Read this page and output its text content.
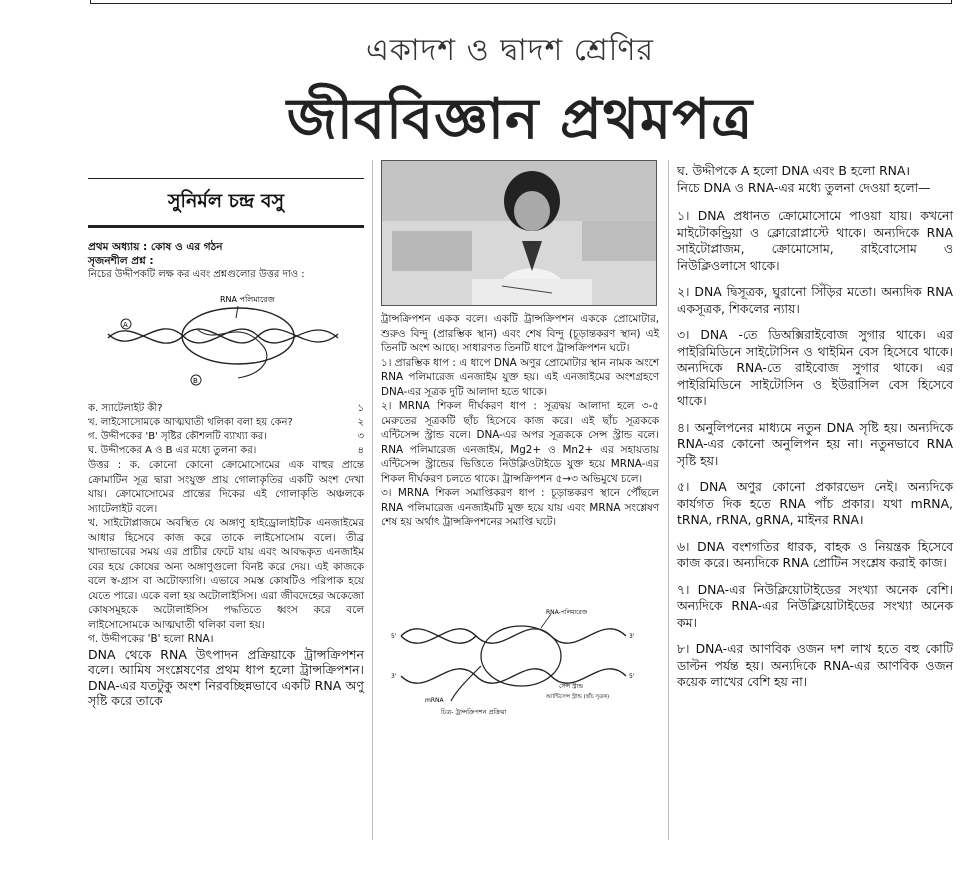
একাদশ ও দ্বাদশ শ্রেণির
জীববিজ্ঞান প্রথমপত্র
সুনির্মল চন্দ্র বসু
প্রথম অধ্যায় : কোষ ও এর গঠন
সৃজনশীল প্রশ্ন :
নিচের উদ্দীপকটি লক্ষ কর এবং প্রশ্নগুলোর উত্তর দাও :
RNA পলিমারেজ
A
B
ক. স্যাটেলাইট কী?	১
খ. লাইসোসোমকে আত্মঘাতী থলিকা বলা হয় কেন?	২
গ. উদ্দীপকের 'B' সৃষ্টির কৌশলটি ব্যাখ্যা কর।	৩
ঘ. উদ্দীপকের A ও B এর মধ্যে তুলনা কর।	৪
উত্তর : ক. কোনো কোনো ক্রোমোসোমের এক বাহুর প্রান্তে ক্রোমাটিন সূত্র দ্বারা সংযুক্ত প্রায় গোলাকৃতির একটি অংশ দেখা যায়। ক্রোমোসোমের প্রান্তের দিকের এই গোলাকৃতি অঞ্চলকে স্যাটেলাইট বলে।
খ. সাইটোপ্লাজমে অবস্থিত যে অঙ্গাণু হাইড্রোলাইটিক এনজাইমের আধার হিসেবে কাজ করে তাকে লাইসোসোম বলে। তীব্র খাদ্যাভাবের সময় এর প্রাচীর ফেটে যায় এবং আবদ্ধকৃত এনজাইম বের হয়ে কোষের অন্য অঙ্গাণুগুলো বিনষ্ট করে দেয়। এই কাজকে বলে স্ব-গ্রাস বা অটোফ্যাগি। এভাবে সমস্ত কোষটিও পরিপাক হয়ে যেতে পারে। একে বলা হয় অটোলাইসিস। এরা জীবদেহের অকেজো কোষসমূহকে অটোলাইসিস পদ্ধতিতে ধ্বংস করে বলে লাইসোসোমকে আত্মঘাতী থলিকা বলা হয়।
গ. উদ্দীপকের 'B' হলো RNA।
DNA থেকে RNA উৎপাদন প্রক্রিয়াকে ট্রান্সক্রিপশন বলে। আমিষ সংশ্লেষণের প্রথম ধাপ হলো ট্রান্সক্রিপশন। DNA-এর যতটুকু অংশ নিরবচ্ছিন্নভাবে একটি RNA অণু সৃষ্টি করে তাকে
ট্রান্সক্রিপশন একক বলে। একটি ট্রান্সক্রিপশন এককে প্রোমোটার, শুরুও বিন্দু (প্রারম্ভিক স্থান) এবং শেষ বিন্দু (চূড়ান্তকরণ স্থান) এই তিনটি অংশ আছে। সাধারণত তিনটি ধাপে ট্রান্সক্রিপশন ঘটে।
১। প্রারম্ভিক ধাপ : এ ধাপে DNA অণুর প্রোমোটার স্থান নামক অংশে RNA পলিমারেজ এনজাইম যুক্ত হয়। এই এনজাইমের অংশগ্রহণে DNA-এর সূত্রক দুটি আলাদা হতে থাকে।
২। MRNA শিকল দীর্ঘকরণ ধাপ : সূত্রদ্বয় আলাদা হলে ৩-৫ মেরুতের সূত্রকটি ছাঁচ হিসেবে কাজ করে। এই ছাঁচ সূত্রককে এন্টিসেন্স স্ট্রান্ড বলে। DNA-এর অপর সূত্রককে সেন্স স্ট্রান্ড বলে। RNA পলিমারেজ এনজাইম, Mg2+ ও Mn2+ এর সহায়তায় এন্টিসেন্স স্ট্রান্ডের ভিত্তিতে নিউক্লিওটাইডে যুক্ত হয়ে MRNA-এর শিকল দীর্ঘকরণ চলতে থাকে। ট্রান্সক্রিপশন ৫→৩ অভিমুখে চলে।
৩। MRNA শিকল সমাপ্তিকরণ ধাপ : চূড়ান্তকরণ স্থানে পৌঁছলে RNA পলিমারেজ এনজাইমটি মুক্ত হয়ে যায় এবং MRNA সংশ্লেষণ শেষ হয় অর্থাৎ ট্রান্সক্রিপশনের সমাপ্তি ঘটে।
RNA-পলিমারেজ
5'
3'
3'
5'
mRNA
সেন্স স্ট্রান্ড
অ্যান্টিসেন্স স্ট্রান্ড (ছাঁচ সূত্রক)
চিত্র- ট্রান্সক্রিপশন প্রক্রিয়া

ঘ. উদ্দীপকে A হলো DNA এবং B হলো RNA।

নিচে DNA ও RNA-এর মধ্যে তুলনা দেওয়া হলো—

১। DNA প্রধানত ক্রোমোসোমে পাওয়া যায়। কখনো মাইটোকন্ড্রিয়া ও ক্লোরোপ্লাস্টে থাকে। অন্যদিকে RNA সাইটোপ্লাজম, ক্রোমোসোম, রাইবোসোম ও নিউক্লিওলাসে থাকে।

২। DNA দ্বিসূত্রক, ঘুরানো সিঁড়ির মতো। অন্যদিক RNA একসূত্রক, শিকলের ন্যায়।

৩। DNA -তে ডিঅক্সিরাইবোজ সুগার থাকে। এর পাইরিমিডিনে সাইটোসিন ও থাইমিন বেস হিসেবে থাকে। অন্যদিকে RNA-তে রাইবোজ সুগার থাকে। এর পাইরিমিডিনে সাইটোসিন ও ইউরাসিল বেস হিসেবে থাকে।

৪। অনুলিপনের মাধ্যমে নতুন DNA সৃষ্টি হয়। অন্যদিকে RNA-এর কোনো অনুলিপন হয় না। নতুনভাবে RNA সৃষ্টি হয়।

৫। DNA অণুর কোনো প্রকারভেদ নেই। অন্যদিকে কার্যগত দিক হতে RNA পাঁচ প্রকার। যথা mRNA, tRNA, rRNA, gRNA, মাইনর RNA।

৬। DNA বংশগতির ধারক, বাহক ও নিয়ন্ত্রক হিসেবে কাজ করে। অন্যদিকে RNA প্রোটিন সংশ্লেষ করাই কাজ।

৭। DNA-এর নিউক্লিয়োটাইডের সংখ্যা অনেক বেশি। অন্যদিকে RNA-এর নিউক্লিয়োটাইডের সংখ্যা অনেক কম।

৮। DNA-এর আণবিক ওজন দশ লাখ হতে বহু কোটি ডাল্টন পর্যন্ত হয়। অন্যদিকে RNA-এর আণবিক ওজন কয়েক লাখের বেশি হয় না।
